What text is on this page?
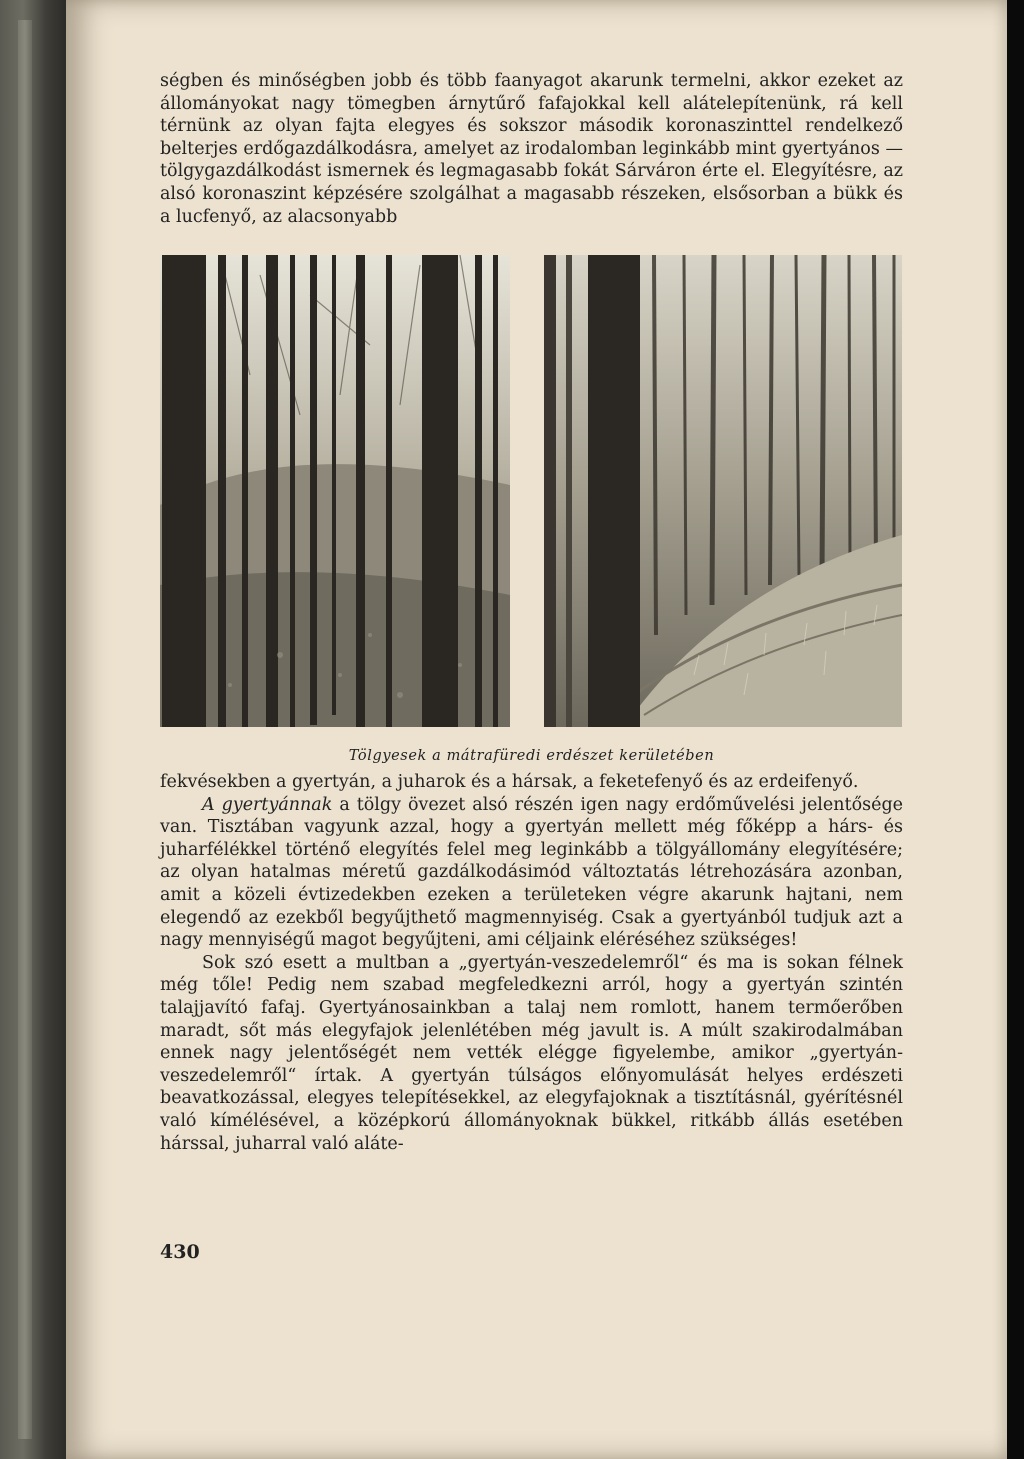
ségben és minőségben jobb és több faanyagot akarunk termelni, akkor ezeket az állományokat nagy tömegben árnytűrő fafajokkal kell alátelepítenünk, rá kell térnünk az olyan fajta elegyes és sokszor második koronaszinttel rendelkező belterjes erdőgazdálkodásra, amelyet az irodalomban leginkább mint gyertyános — tölgygazdálkodást ismernek és legmagasabb fokát Sárváron érte el. Elegyítésre, az alsó koronaszint képzésére szolgálhat a magasabb részeken, elsősorban a bükk és a lucfenyő, az alacsonyabb

Tölgyesek a mátrafüredi erdészet kerületében

fekvésekben a gyertyán, a juharok és a hársak, a feketefenyő és az erdeifenyő.

A gyertyánnak a tölgy övezet alsó részén igen nagy erdőművelési jelentősége van. Tisztában vagyunk azzal, hogy a gyertyán mellett még főképp a hárs- és juharfélékkel történő elegyítés felel meg leginkább a tölgyállomány elegyítésére; az olyan hatalmas méretű gazdálkodásimód változtatás létrehozására azonban, amit a közeli évtizedekben ezeken a területeken végre akarunk hajtani, nem elegendő az ezekből begyűjthető magmennyiség. Csak a gyertyánból tudjuk azt a nagy mennyiségű magot begyűjteni, ami céljaink eléréséhez szükséges!

Sok szó esett a multban a „gyertyán-veszedelemről“ és ma is sokan félnek még tőle! Pedig nem szabad megfeledkezni arról, hogy a gyertyán szintén talajjavító fafaj. Gyertyánosainkban a talaj nem romlott, hanem termőerőben maradt, sőt más elegyfajok jelenlétében még javult is. A múlt szakirodalmában ennek nagy jelentőségét nem vették elégge figyelembe, amikor „gyertyán-veszedelemről“ írtak. A gyertyán túlságos előnyomulását helyes erdészeti beavatkozással, elegyes telepítésekkel, az elegyfajoknak a tisztításnál, gyérítésnél való kímélésével, a középkorú állományoknak bükkel, ritkább állás esetében hárssal, juharral való aláte-

430
